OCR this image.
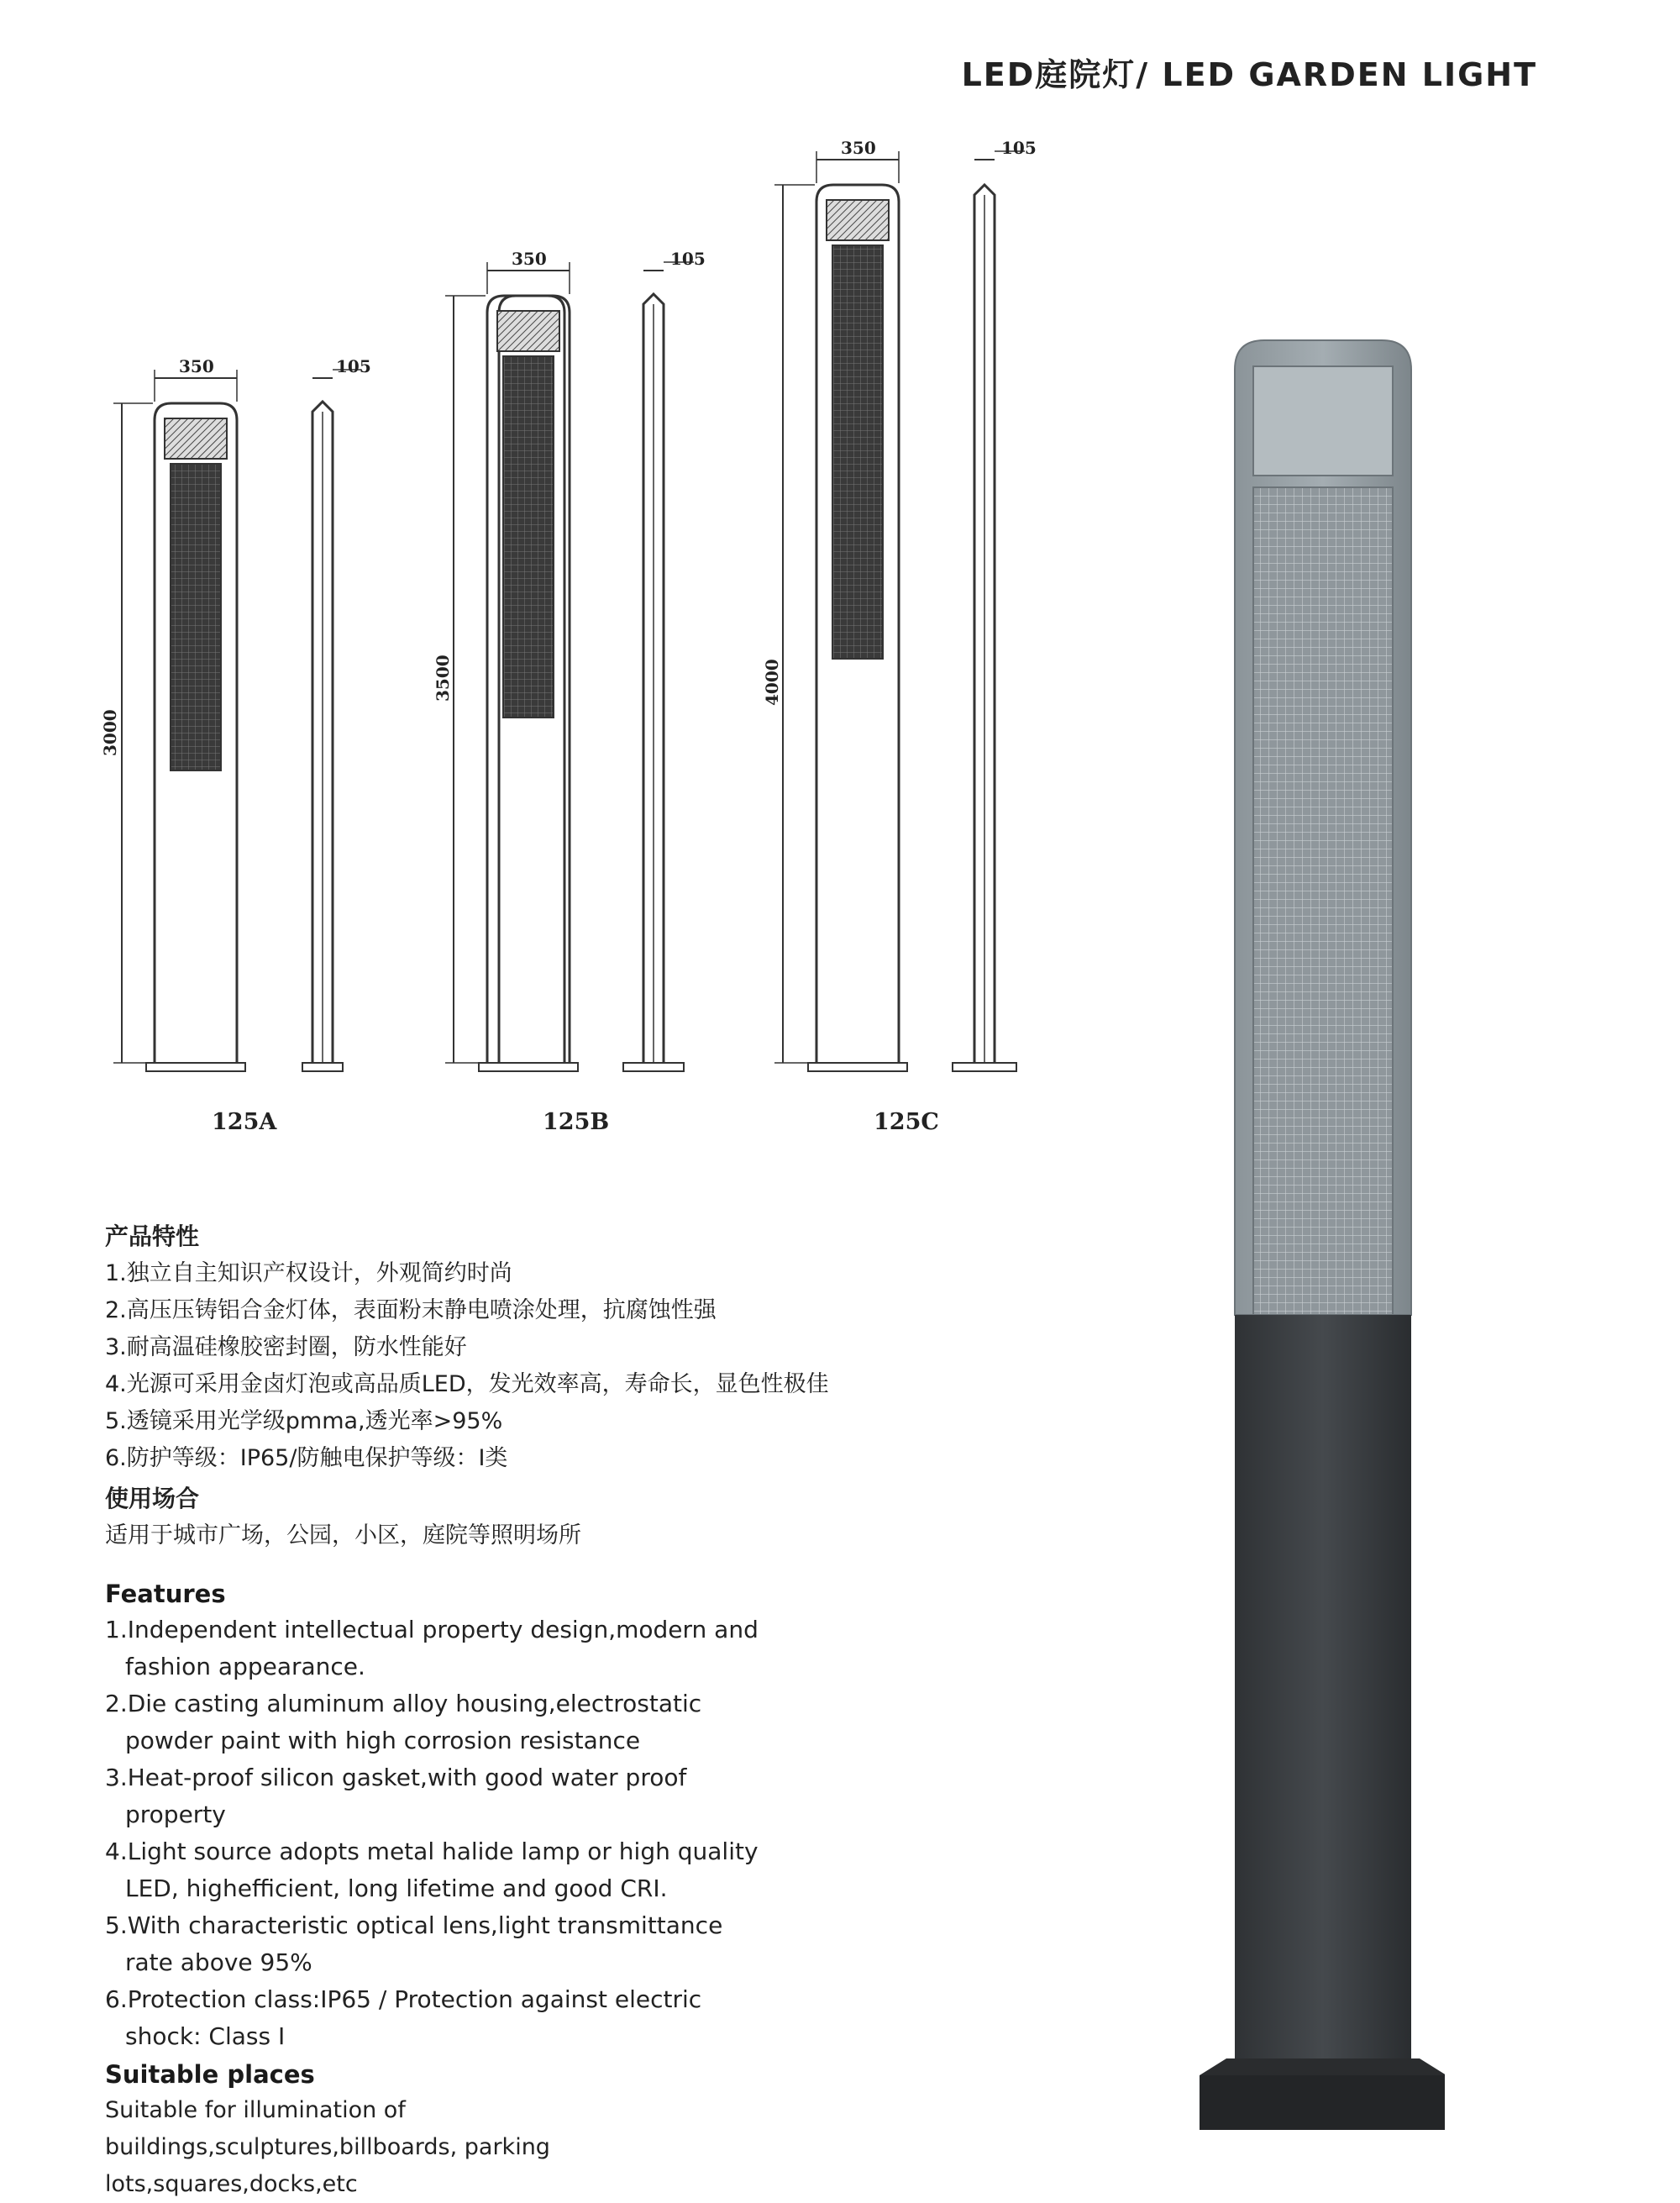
LED庭院灯/ LED GARDEN LIGHT
350	105
3000
350	105
3500
350	105
4000
125A	125B	125C

产品特性

1.独立自主知识产权设计，外观简约时尚

2.高压压铸铝合金灯体，表面粉末静电喷涂处理，抗腐蚀性强

3.耐高温硅橡胶密封圈，防水性能好

4.光源可采用金卤灯泡或高品质LED，发光效率高，寿命长，显色性极佳

5.透镜采用光学级pmma,透光率>95%

6.防护等级：IP65/防触电保护等级：I类

使用场合

适用于城市广场，公园，小区，庭院等照明场所

Features

1.Independent intellectual property design,modern and fashion appearance.

2.Die casting aluminum alloy housing,electrostatic powder paint with high corrosion resistance

3.Heat-proof silicon gasket,with good water proof property

4.Light source adopts metal halide lamp or high quality LED, highefficient, long lifetime and good CRI.

5.With characteristic optical lens,light transmittance rate above 95%

6.Protection class:IP65 / Protection against electric shock: Class I

Suitable places

Suitable for illumination of buildings,sculptures,billboards, parking lots,squares,docks,etc
